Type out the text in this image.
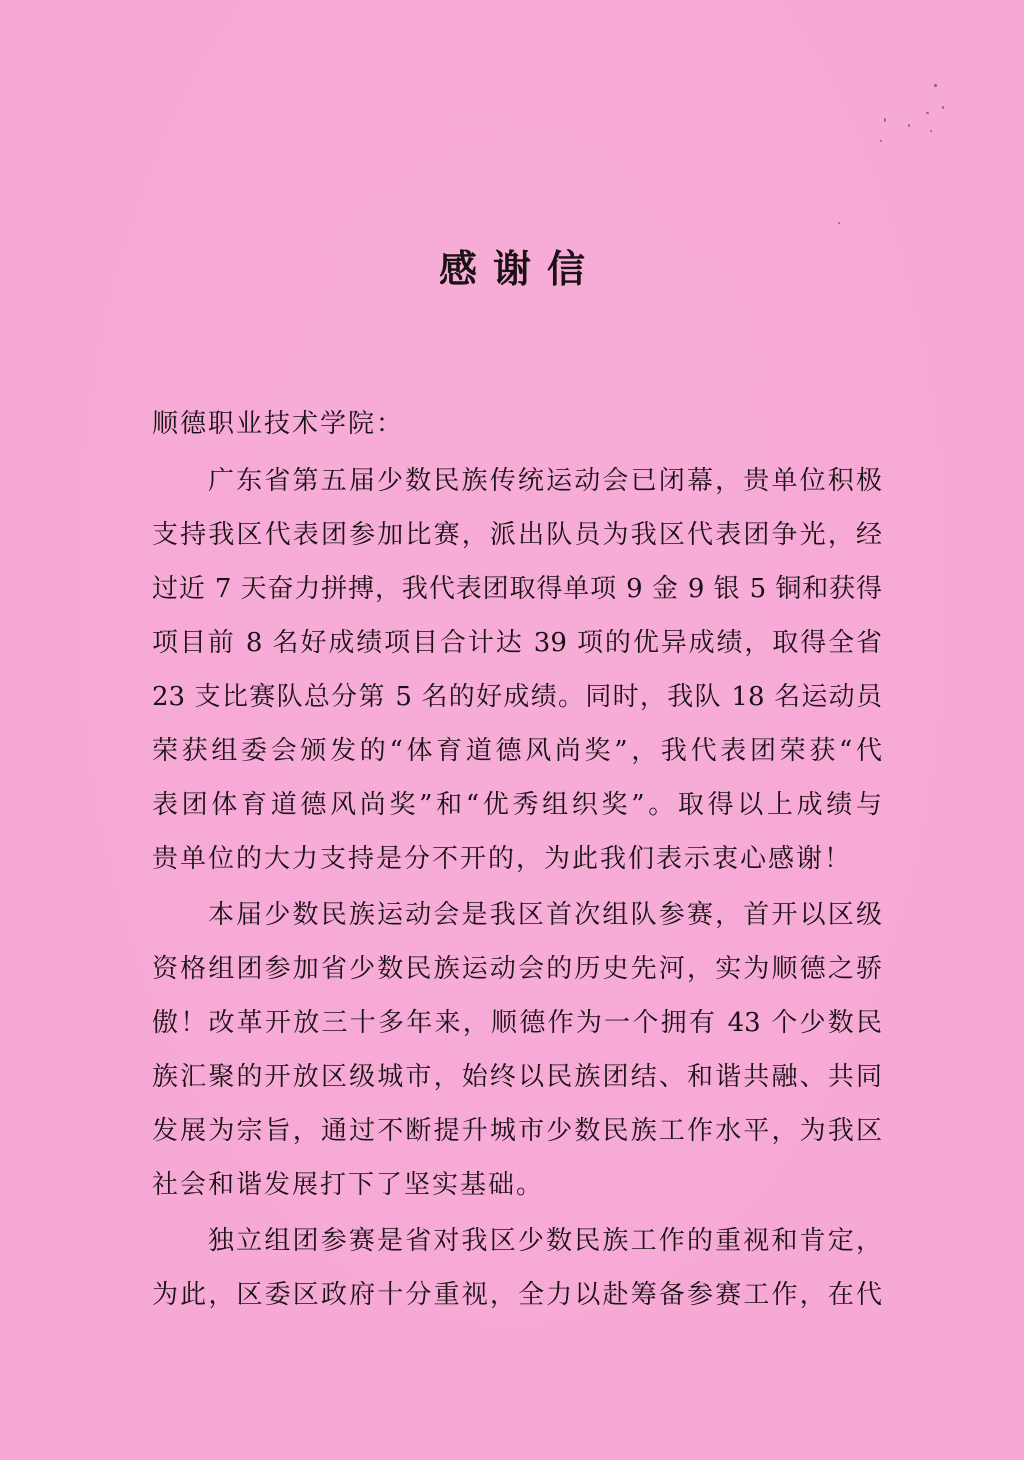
感谢信
顺德职业技术学院：
广东省第五届少数民族传统运动会已闭幕，贵单位积极
支持我区代表团参加比赛，派出队员为我区代表团争光，经
过近 7 天奋力拼搏，我代表团取得单项 9 金 9 银 5 铜和获得
项目前 8 名好成绩项目合计达 39 项的优异成绩，取得全省
23 支比赛队总分第 5 名的好成绩。同时，我队 18 名运动员
荣获组委会颁发的“体育道德风尚奖”，我代表团荣获“代
表团体育道德风尚奖”和“优秀组织奖”。取得以上成绩与
贵单位的大力支持是分不开的，为此我们表示衷心感谢！
本届少数民族运动会是我区首次组队参赛，首开以区级
资格组团参加省少数民族运动会的历史先河，实为顺德之骄
傲！改革开放三十多年来，顺德作为一个拥有 43 个少数民
族汇聚的开放区级城市，始终以民族团结、和谐共融、共同
发展为宗旨，通过不断提升城市少数民族工作水平，为我区
社会和谐发展打下了坚实基础。
独立组团参赛是省对我区少数民族工作的重视和肯定，
为此，区委区政府十分重视，全力以赴筹备参赛工作，在代
